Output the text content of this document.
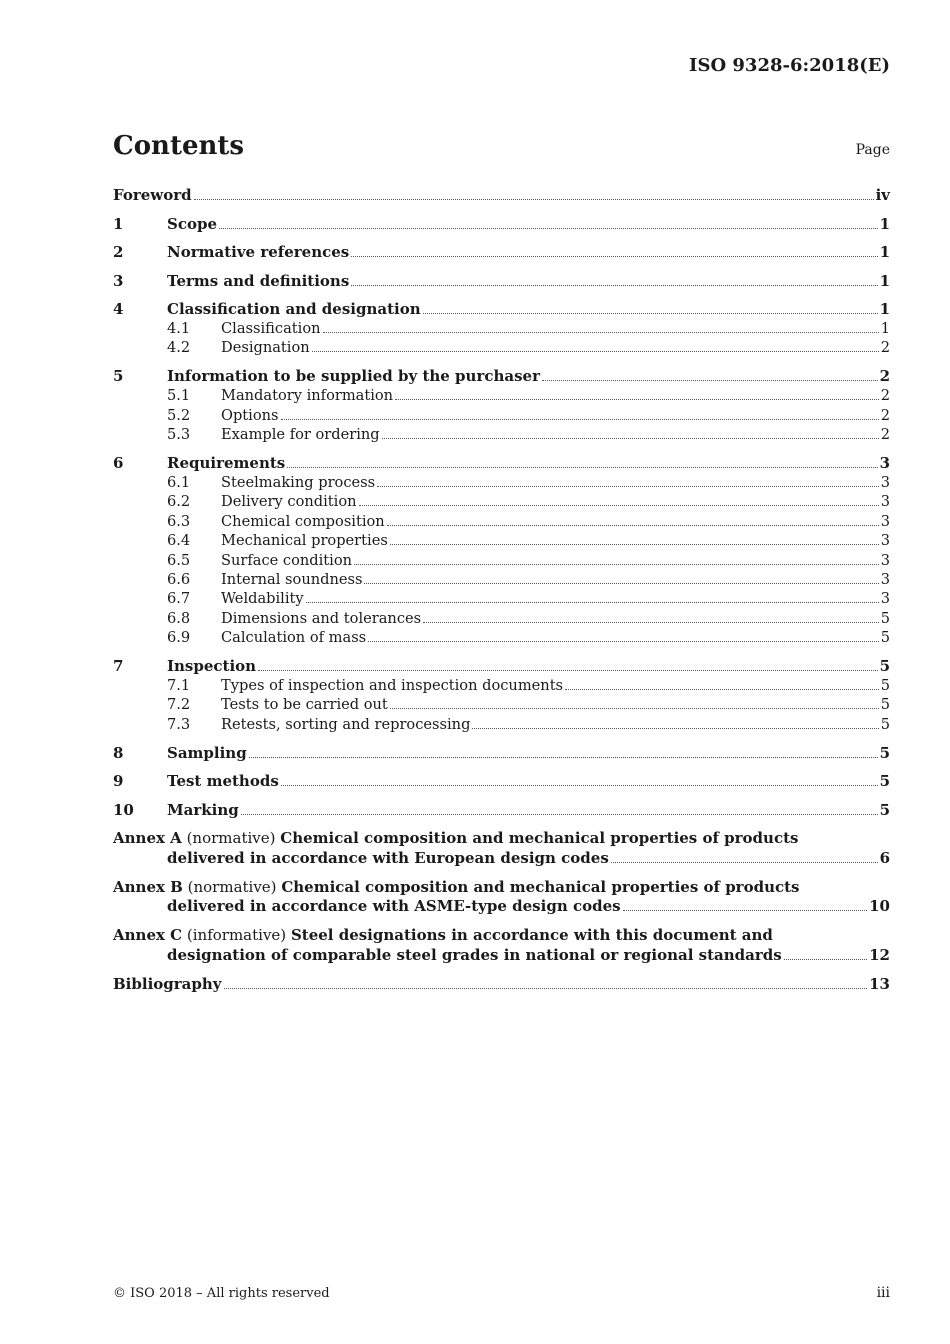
ISO 9328-6:2018(E)
Contents	Page
Foreword	iv
1	Scope	1
2	Normative references	1
3	Terms and definitions	1
4	Classification and designation	1
4.1	Classification	1
4.2	Designation	2
5	Information to be supplied by the purchaser	2
5.1	Mandatory information	2
5.2	Options	2
5.3	Example for ordering	2
6	Requirements	3
6.1	Steelmaking process	3
6.2	Delivery condition	3
6.3	Chemical composition	3
6.4	Mechanical properties	3
6.5	Surface condition	3
6.6	Internal soundness	3
6.7	Weldability	3
6.8	Dimensions and tolerances	5
6.9	Calculation of mass	5
7	Inspection	5
7.1	Types of inspection and inspection documents	5
7.2	Tests to be carried out	5
7.3	Retests, sorting and reprocessing	5
8	Sampling	5
9	Test methods	5
10	Marking	5
Annex A (normative) Chemical composition and mechanical properties of products
delivered in accordance with European design codes	6
Annex B (normative) Chemical composition and mechanical properties of products
delivered in accordance with ASME-type design codes	10
Annex C (informative) Steel designations in accordance with this document and
designation of comparable steel grades in national or regional standards	12
Bibliography	13
© ISO 2018 – All rights reserved	iii
